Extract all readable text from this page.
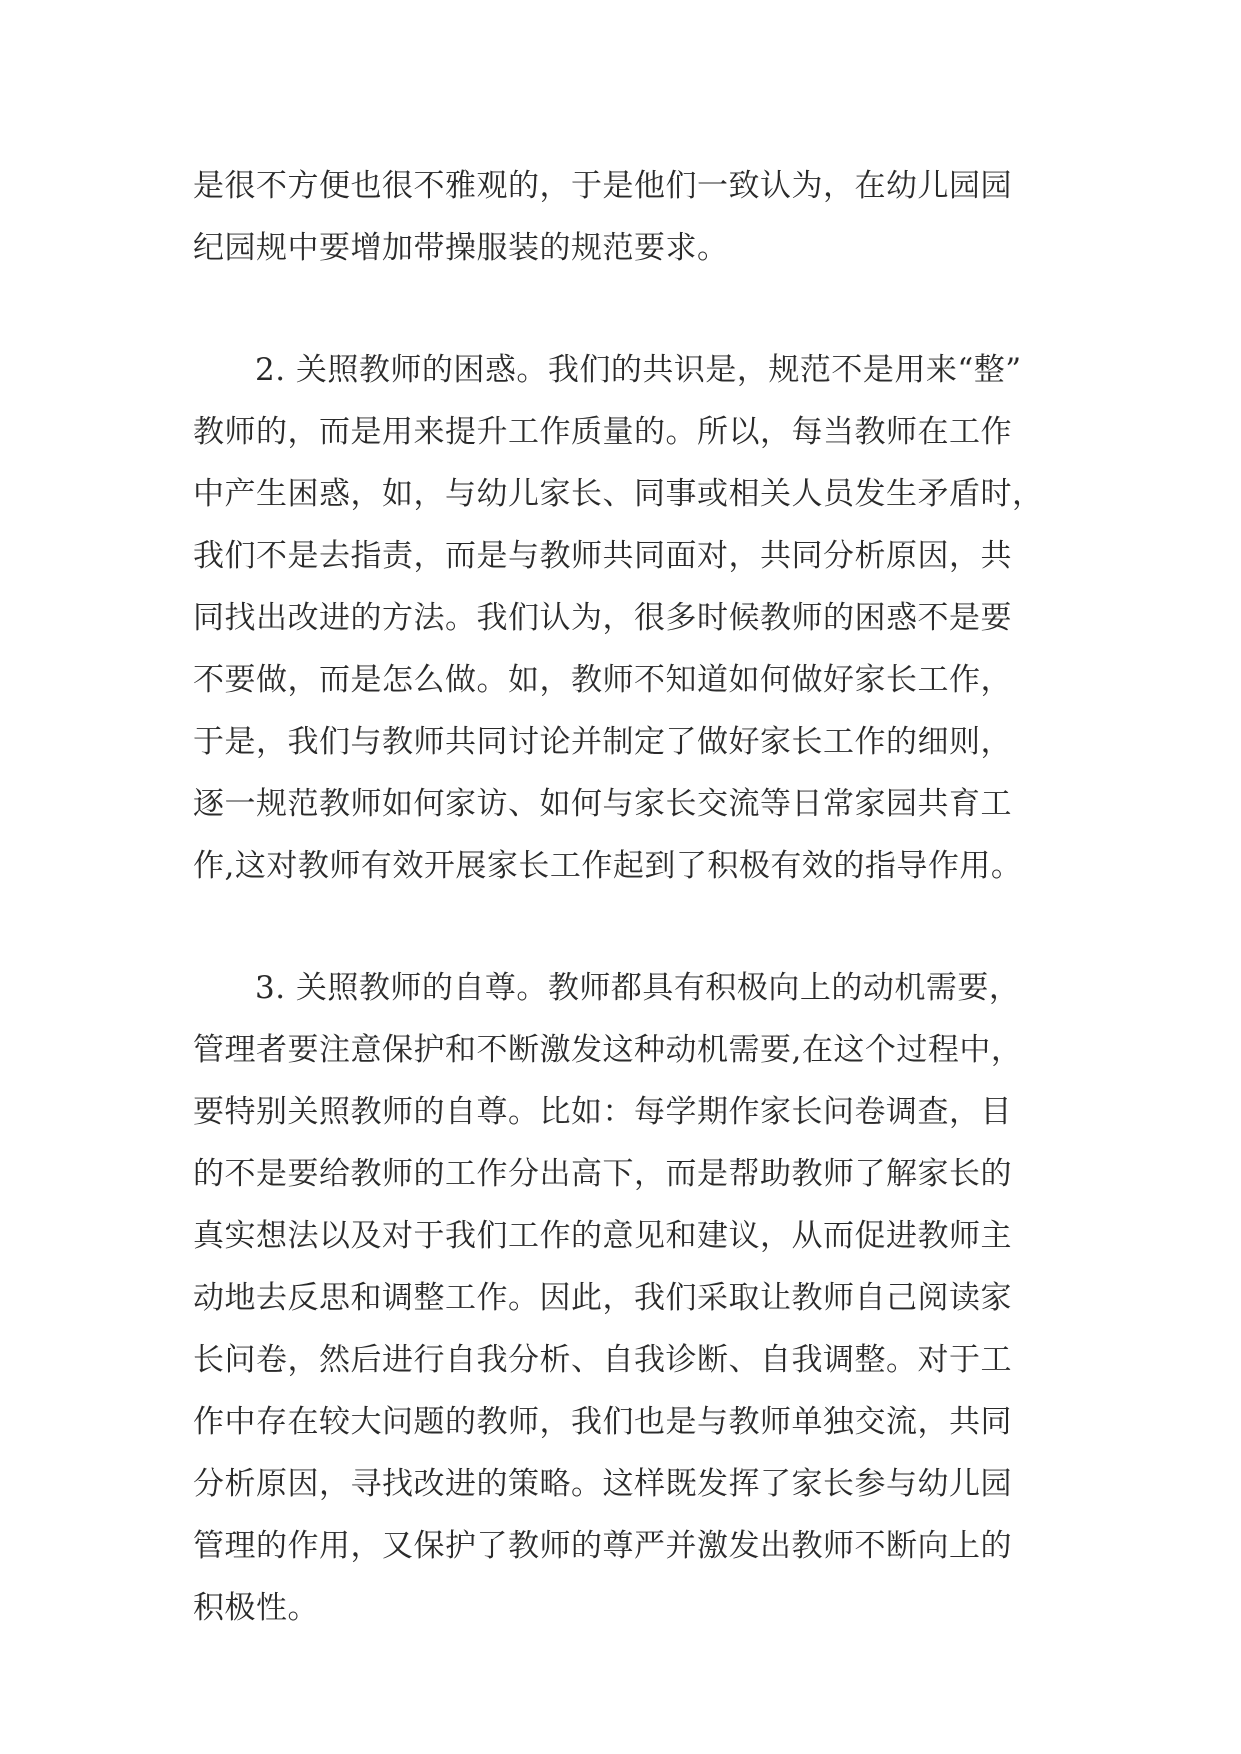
是很不方便也很不雅观的，于是他们一致认为，在幼儿园园
纪园规中要增加带操服装的规范要求。
2. 关照教师的困惑。我们的共识是，规范不是用来“整”
教师的，而是用来提升工作质量的。所以，每当教师在工作
中产生困惑，如，与幼儿家长、同事或相关人员发生矛盾时，
我们不是去指责，而是与教师共同面对，共同分析原因，共
同找出改进的方法。我们认为，很多时候教师的困惑不是要
不要做，而是怎么做。如，教师不知道如何做好家长工作，
于是，我们与教师共同讨论并制定了做好家长工作的细则，
逐一规范教师如何家访、如何与家长交流等日常家园共育工
作,这对教师有效开展家长工作起到了积极有效的指导作用。
3. 关照教师的自尊。教师都具有积极向上的动机需要，
管理者要注意保护和不断激发这种动机需要,在这个过程中，
要特别关照教师的自尊。比如：每学期作家长问卷调查，目
的不是要给教师的工作分出高下，而是帮助教师了解家长的
真实想法以及对于我们工作的意见和建议，从而促进教师主
动地去反思和调整工作。因此，我们采取让教师自己阅读家
长问卷，然后进行自我分析、自我诊断、自我调整。对于工
作中存在较大问题的教师，我们也是与教师单独交流，共同
分析原因，寻找改进的策略。这样既发挥了家长参与幼儿园
管理的作用，又保护了教师的尊严并激发出教师不断向上的
积极性。
